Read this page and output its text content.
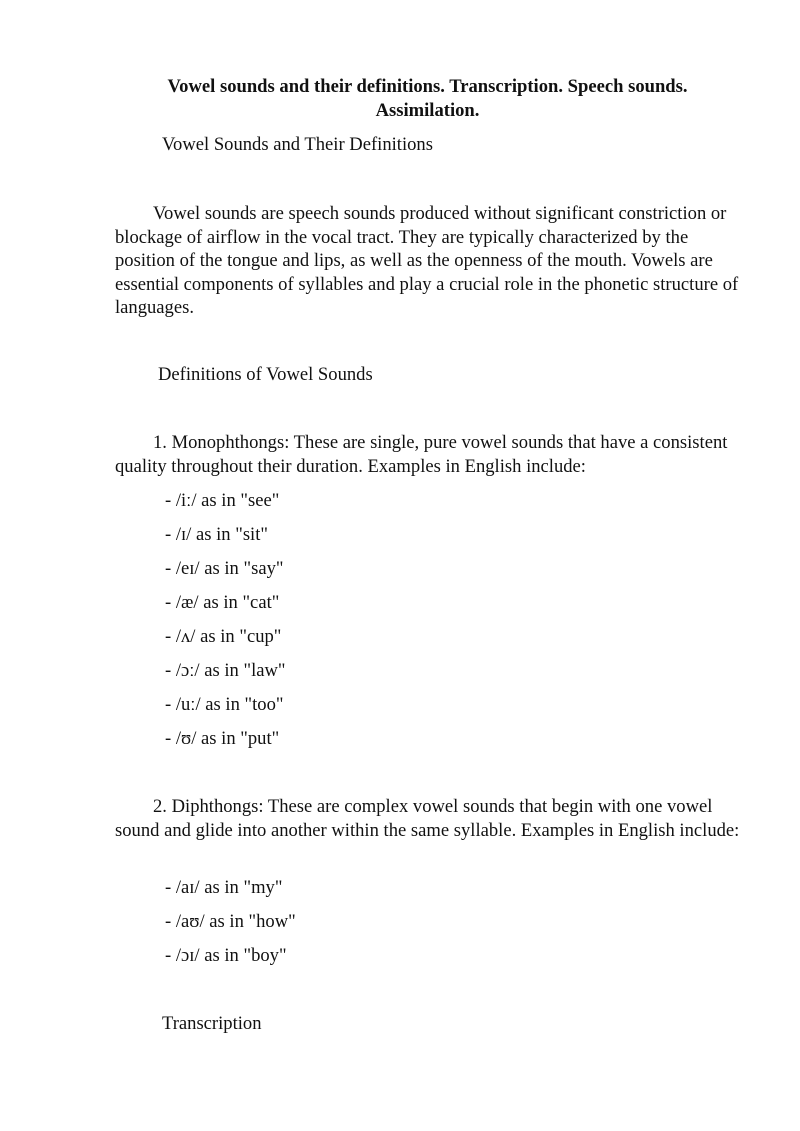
Vowel sounds and their definitions. Transcription. Speech sounds. Assimilation.

Vowel Sounds and Their Definitions

Vowel sounds are speech sounds produced without significant constriction or blockage of airflow in the vocal tract. They are typically characterized by the position of the tongue and lips, as well as the openness of the mouth. Vowels are essential components of syllables and play a crucial role in the phonetic structure of languages.

Definitions of Vowel Sounds

1. Monophthongs: These are single, pure vowel sounds that have a consistent quality throughout their duration. Examples in English include:

- /iː/ as in "see"

- /ɪ/ as in "sit"

- /eɪ/ as in "say"

- /æ/ as in "cat"

- /ʌ/ as in "cup"

- /ɔː/ as in "law"

- /uː/ as in "too"

- /ʊ/ as in "put"

2. Diphthongs: These are complex vowel sounds that begin with one vowel sound and glide into another within the same syllable. Examples in English include:

- /aɪ/ as in "my"

- /aʊ/ as in "how"

- /ɔɪ/ as in "boy"

Transcription
